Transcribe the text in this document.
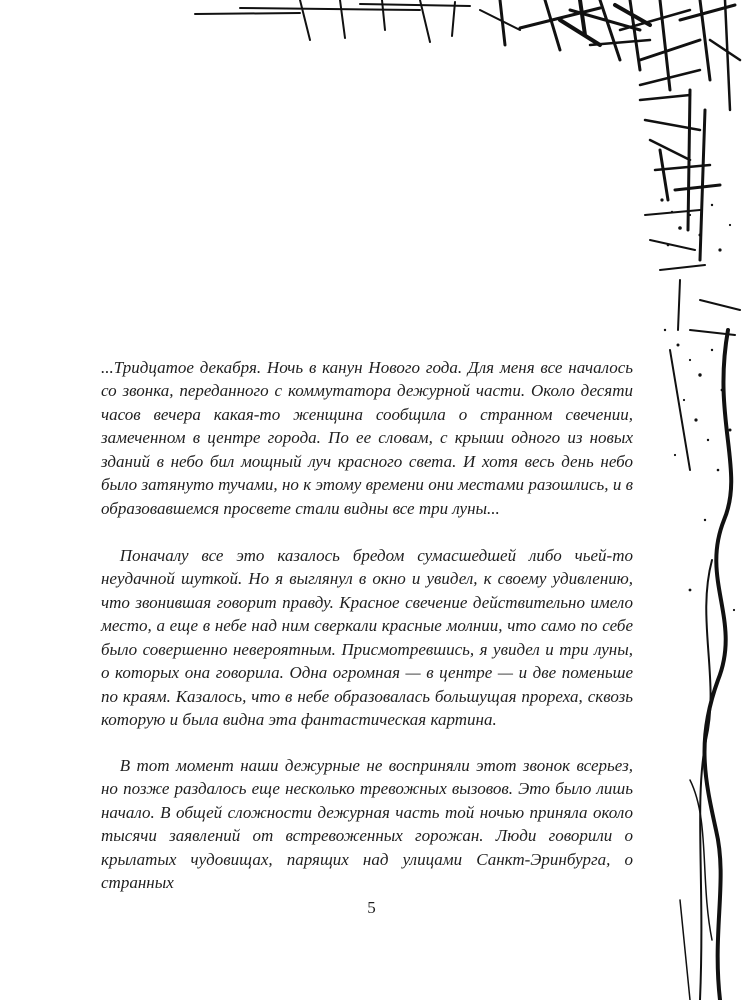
...Тридцатое декабря. Ночь в канун Нового года. Для меня все началось со звонка, переданного с коммутатора дежурной части. Около десяти часов вечера какая-то женщина сообщила о странном свечении, замеченном в центре города. По ее словам, с крыши одного из новых зданий в небо бил мощный луч красного света. И хотя весь день небо было затянуто тучами, но к этому времени они местами разошлись, и в образовавшемся просвете стали видны все три луны...

Поначалу все это казалось бредом сумасшедшей либо чьей-то неудачной шуткой. Но я выглянул в окно и увидел, к своему удивлению, что звонившая говорит правду. Красное свечение действительно имело место, а еще в небе над ним сверкали красные молнии, что само по себе было совершенно невероятным. Присмотревшись, я увидел и три луны, о которых она говорила. Одна огромная — в центре — и две поменьше по краям. Казалось, что в небе образовалась большущая прореха, сквозь которую и была видна эта фантастическая картина.

В тот момент наши дежурные не восприняли этот звонок всерьез, но позже раздалось еще несколько тревожных вызовов. Это было лишь начало. В общей сложности дежурная часть той ночью приняла около тысячи заявлений от встревоженных горожан. Люди говорили о крылатых чудовищах, парящих над улицами Санкт-Эринбурга, о странных

5
